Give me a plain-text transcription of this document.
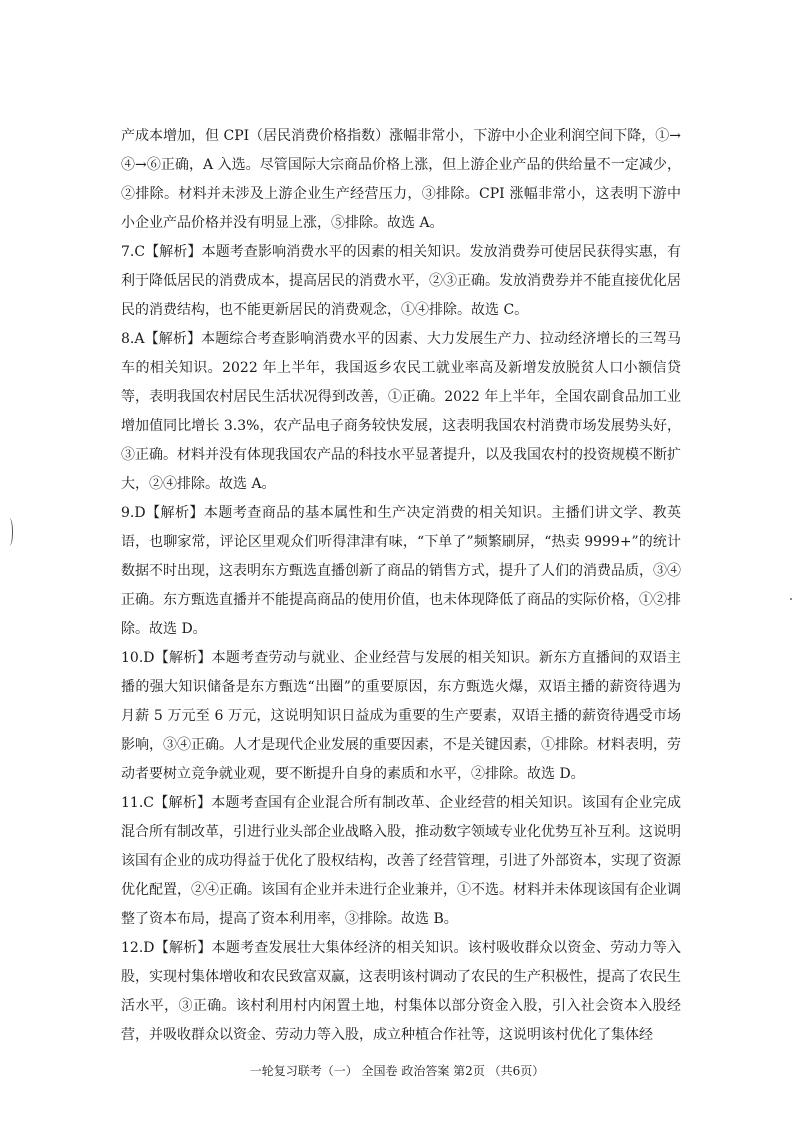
产成本增加，但 CPI（居民消费价格指数）涨幅非常小，下游中小企业利润空间下降，①→④→⑥正确，A 入选。尽管国际大宗商品价格上涨，但上游企业产品的供给量不一定减少，②排除。材料并未涉及上游企业生产经营压力，③排除。CPI 涨幅非常小，这表明下游中小企业产品价格并没有明显上涨，⑤排除。故选 A。

7.C【解析】本题考查影响消费水平的因素的相关知识。发放消费券可使居民获得实惠，有利于降低居民的消费成本，提高居民的消费水平，②③正确。发放消费券并不能直接优化居民的消费结构，也不能更新居民的消费观念，①④排除。故选 C。

8.A【解析】本题综合考查影响消费水平的因素、大力发展生产力、拉动经济增长的三驾马车的相关知识。2022 年上半年，我国返乡农民工就业率高及新增发放脱贫人口小额信贷等，表明我国农村居民生活状况得到改善，①正确。2022 年上半年，全国农副食品加工业增加值同比增长 3.3%，农产品电子商务较快发展，这表明我国农村消费市场发展势头好，③正确。材料并没有体现我国农产品的科技水平显著提升，以及我国农村的投资规模不断扩大，②④排除。故选 A。

9.D【解析】本题考查商品的基本属性和生产决定消费的相关知识。主播们讲文学、教英语，也聊家常，评论区里观众们听得津津有味，“下单了”频繁刷屏，“热卖 9999+”的统计数据不时出现，这表明东方甄选直播创新了商品的销售方式，提升了人们的消费品质，③④正确。东方甄选直播并不能提高商品的使用价值，也未体现降低了商品的实际价格，①②排除。故选 D。

10.D【解析】本题考查劳动与就业、企业经营与发展的相关知识。新东方直播间的双语主播的强大知识储备是东方甄选“出圈”的重要原因，东方甄选火爆，双语主播的薪资待遇为月薪 5 万元至 6 万元，这说明知识日益成为重要的生产要素，双语主播的薪资待遇受市场影响，③④正确。人才是现代企业发展的重要因素，不是关键因素，①排除。材料表明，劳动者要树立竞争就业观，要不断提升自身的素质和水平，②排除。故选 D。

11.C【解析】本题考查国有企业混合所有制改革、企业经营的相关知识。该国有企业完成混合所有制改革，引进行业头部企业战略入股，推动数字领域专业化优势互补互利。这说明该国有企业的成功得益于优化了股权结构，改善了经营管理，引进了外部资本，实现了资源优化配置，②④正确。该国有企业并未进行企业兼并，①不选。材料并未体现该国有企业调整了资本布局，提高了资本利用率，③排除。故选 B。

12.D【解析】本题考查发展壮大集体经济的相关知识。该村吸收群众以资金、劳动力等入股，实现村集体增收和农民致富双赢，这表明该村调动了农民的生产积极性，提高了农民生活水平，③正确。该村利用村内闲置土地，村集体以部分资金入股，引入社会资本入股经营，并吸收群众以资金、劳动力等入股，成立种植合作社等，这说明该村优化了集体经

一轮复习联考（一） 全国卷 政治答案 第2页 （共6页）
